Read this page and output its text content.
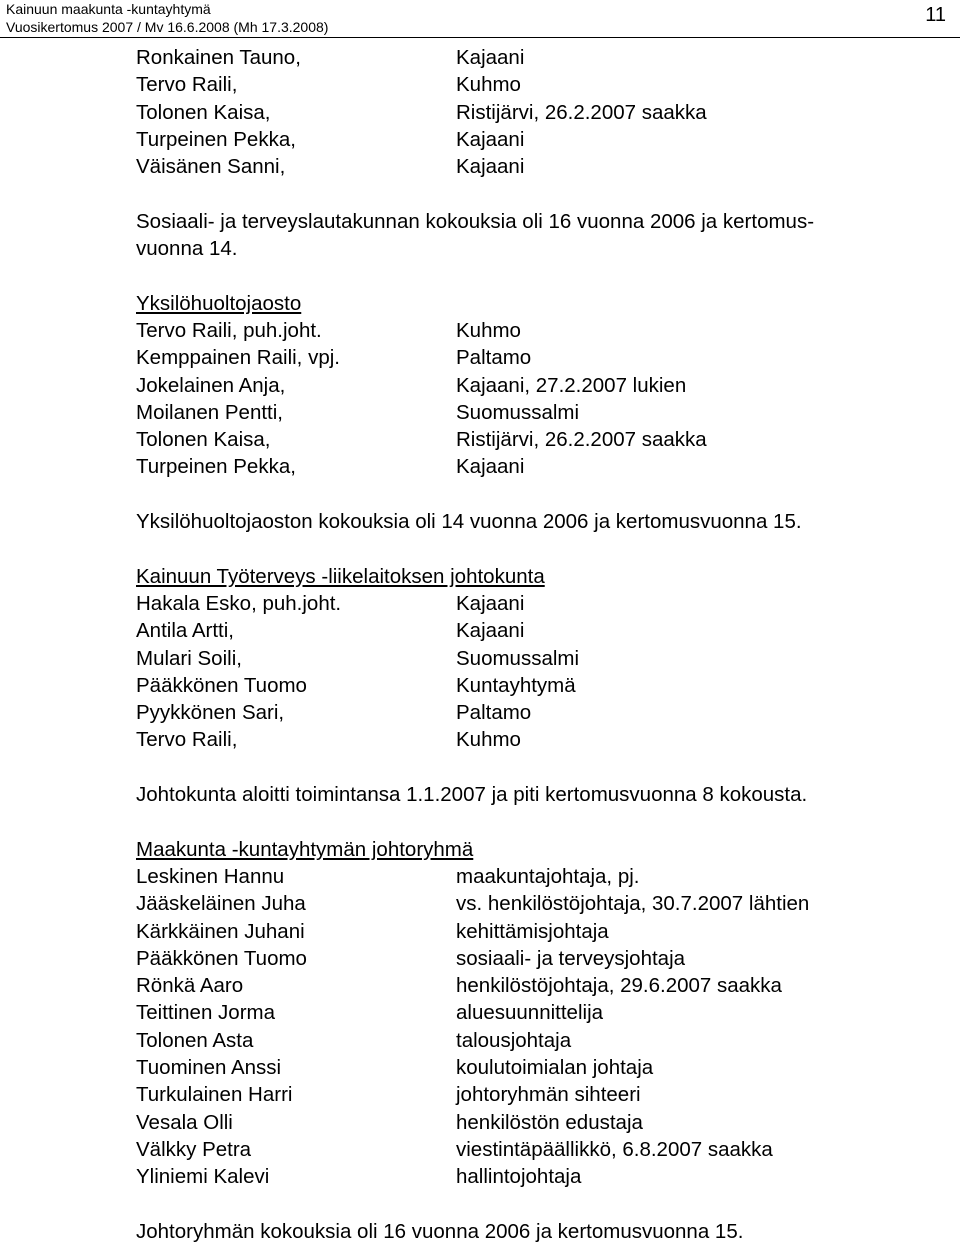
Kainuun maakunta -kuntayhtymä
Vuosikertomus 2007 / Mv 16.6.2008 (Mh 17.3.2008)
11
Ronkainen Tauno,	Kajaani
Tervo Raili,	Kuhmo
Tolonen Kaisa,	Ristijärvi, 26.2.2007 saakka
Turpeinen Pekka,	Kajaani
Väisänen Sanni,	Kajaani
Sosiaali- ja terveyslautakunnan kokouksia oli 16 vuonna 2006 ja kertomus-
vuonna 14.
Yksilöhuoltojaosto
Tervo Raili, puh.joht.	Kuhmo
Kemppainen Raili, vpj.	Paltamo
Jokelainen Anja,	Kajaani, 27.2.2007 lukien
Moilanen Pentti,	Suomussalmi
Tolonen Kaisa,	Ristijärvi, 26.2.2007 saakka
Turpeinen Pekka,	Kajaani
Yksilöhuoltojaoston kokouksia oli 14 vuonna 2006 ja kertomusvuonna 15.
Kainuun Työterveys -liikelaitoksen johtokunta
Hakala Esko, puh.joht.	Kajaani
Antila Artti,	Kajaani
Mulari Soili,	Suomussalmi
Pääkkönen Tuomo	Kuntayhtymä
Pyykkönen Sari,	Paltamo
Tervo Raili,	Kuhmo
Johtokunta aloitti toimintansa 1.1.2007 ja piti kertomusvuonna 8 kokousta.
Maakunta -kuntayhtymän johtoryhmä
Leskinen Hannu	maakuntajohtaja, pj.
Jääskeläinen Juha	vs. henkilöstöjohtaja, 30.7.2007 lähtien
Kärkkäinen Juhani	kehittämisjohtaja
Pääkkönen Tuomo	sosiaali- ja terveysjohtaja
Rönkä Aaro	henkilöstöjohtaja, 29.6.2007 saakka
Teittinen Jorma	aluesuunnittelija
Tolonen Asta	talousjohtaja
Tuominen Anssi	koulutoimialan johtaja
Turkulainen Harri	johtoryhmän sihteeri
Vesala Olli	henkilöstön edustaja
Välkky Petra	viestintäpäällikkö, 6.8.2007 saakka
Yliniemi Kalevi	hallintojohtaja
Johtoryhmän kokouksia oli 16 vuonna 2006 ja kertomusvuonna 15.
